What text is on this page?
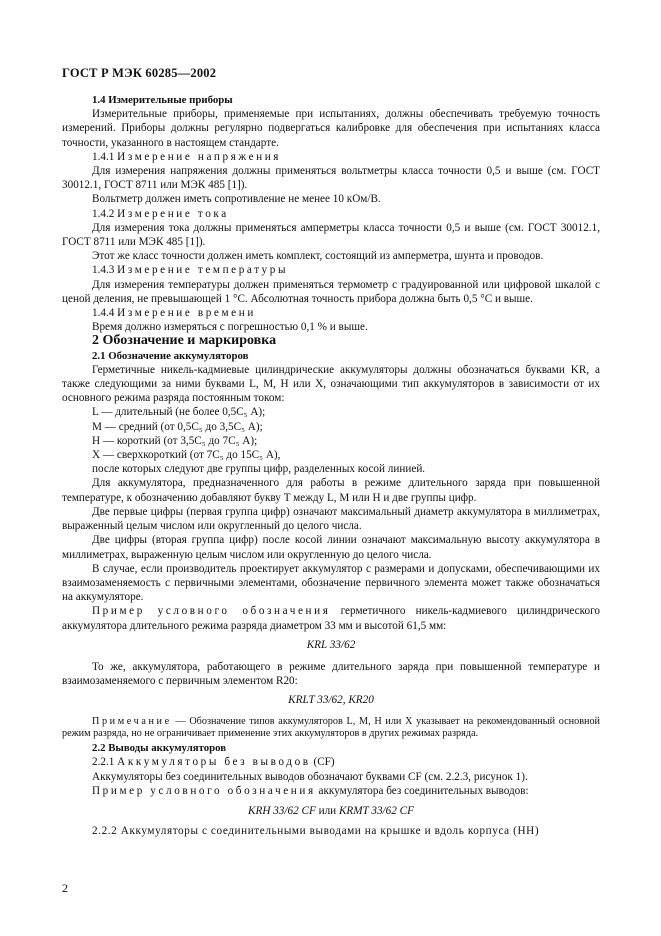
ГОСТ Р МЭК 60285—2002

1.4 Измерительные приборы

Измерительные приборы, применяемые при испытаниях, должны обеспечивать требуемую точность измерений. Приборы должны регулярно подвергаться калибровке для обеспечения при испытаниях класса точности, указанного в настоящем стандарте.

1.4.1 Измерение напряжения

Для измерения напряжения должны применяться вольтметры класса точности 0,5 и выше (см. ГОСТ 30012.1, ГОСТ 8711 или МЭК 485 [1]).

Вольтметр должен иметь сопротивление не менее 10 кОм/В.

1.4.2 Измерение тока

Для измерения тока должны применяться амперметры класса точности 0,5 и выше (см. ГОСТ 30012.1, ГОСТ 8711 или МЭК 485 [1]).

Этот же класс точности должен иметь комплект, состоящий из амперметра, шунта и проводов.

1.4.3 Измерение температуры

Для измерения температуры должен применяться термометр с градуированной или цифровой шкалой с ценой деления, не превышающей 1 °С. Абсолютная точность прибора должна быть 0,5 °С и выше.

1.4.4 Измерение времени

Время должно измеряться с погрешностью 0,1 % и выше.

2 Обозначение и маркировка

2.1 Обозначение аккумуляторов

Герметичные никель-кадмиевые цилиндрические аккумуляторы должны обозначаться буквами KR, а также следующими за ними буквами L, M, H или X, означающими тип аккумуляторов в зависимости от их основного режима разряда постоянным током:

L — длительный (не более 0,5C₅ А);

M — средний (от 0,5C₅ до 3,5C₅ А);

H — короткий (от 3,5C₅ до 7C₅ А);

X — сверхкороткий (от 7C₅ до 15C₅ А),

после которых следуют две группы цифр, разделенных косой линией.

Для аккумулятора, предназначенного для работы в режиме длительного заряда при повышенной температуре, к обозначению добавляют букву T между L, M или H и две группы цифр.

Две первые цифры (первая группа цифр) означают максимальный диаметр аккумулятора в миллиметрах, выраженный целым числом или округленный до целого числа.

Две цифры (вторая группа цифр) после косой линии означают максимальную высоту аккумулятора в миллиметрах, выраженную целым числом или округленную до целого числа.

В случае, если производитель проектирует аккумулятор с размерами и допусками, обеспечивающими их взаимозаменяемость с первичными элементами, обозначение первичного элемента может также обозначаться на аккумуляторе.

Пример условного обозначения герметичного никель-кадмиевого цилиндрического аккумулятора длительного режима разряда диаметром 33 мм и высотой 61,5 мм:

KRL 33/62

То же, аккумулятора, работающего в режиме длительного заряда при повышенной температуре и взаимозаменяемого с первичным элементом R20:

KRLT 33/62, KR20

Примечание — Обозначение типов аккумуляторов L, M, H или X указывает на рекомендованный основной режим разряда, но не ограничивает применение этих аккумуляторов в других режимах разряда.

2.2 Выводы аккумуляторов

2.2.1 Аккумуляторы без выводов (CF)

Аккумуляторы без соединительных выводов обозначают буквами CF (см. 2.2.3, рисунок 1).

Пример условного обозначения аккумулятора без соединительных выводов:

KRH 33/62 CF или KRMT 33/62 CF

2.2.2 Аккумуляторы с соединительными выводами на крышке и вдоль корпуса (HH)

2
